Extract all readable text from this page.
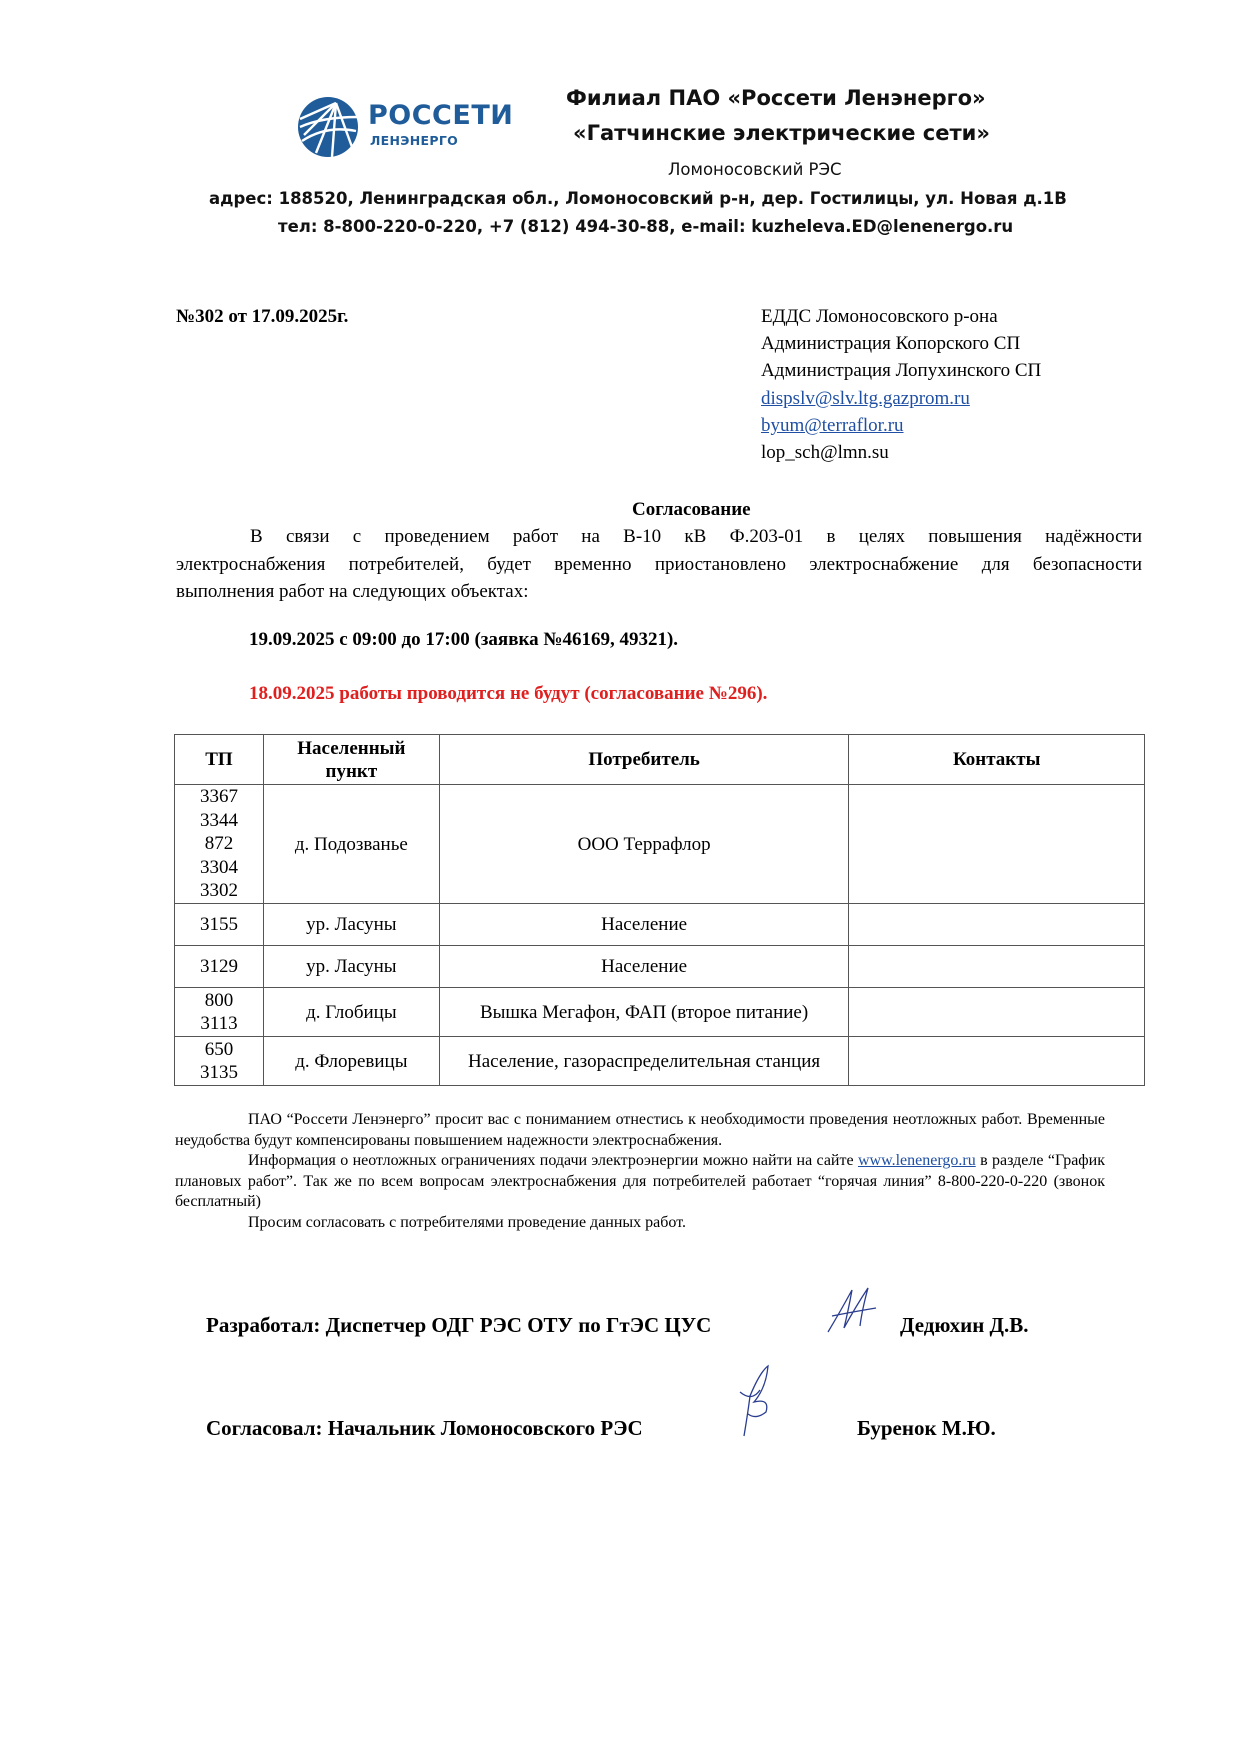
РОССЕТИ
ЛЕНЭНЕРГО
Филиал ПАО «Россети Ленэнерго»
«Гатчинские электрические сети»
Ломоносовский РЭС
адрес: 188520, Ленинградская обл., Ломоносовский р-н, дер. Гостилицы, ул. Новая д.1В
тел: 8-800-220-0-220, +7 (812) 494-30-88, e-mail: kuzheleva.ED@lenenergo.ru
№302 от 17.09.2025г.	ЕДДС Ломоносовского р-она
Администрация Копорского СП
Администрация Лопухинского СП
dispslv@slv.ltg.gazprom.ru
byum@terraflor.ru
lop_sch@lmn.su
Согласование
В связи с проведением работ на В-10 кВ Ф.203-01 в целях повышения надёжности
электроснабжения потребителей, будет временно приостановлено электроснабжение для безопасности
выполнения работ на следующих объектах:
19.09.2025 с 09:00 до 17:00 (заявка №46169, 49321).
18.09.2025 работы проводится не будут (согласование №296).
ТП	Населенный
пункт	Потребитель	Контакты

3367
3344
872
3304
3302	д. Подозванье	ООО Террафлор	

3155	ур. Ласуны	Население	

3129	ур. Ласуны	Население	

800
3113	д. Глобицы	Вышка Мегафон, ФАП (второе питание)	

650
3135	д. Флоревицы	Население, газораспределительная станция	

ПАО “Россети Ленэнерго” просит вас с пониманием отнестись к необходимости проведения неотложных работ. Временные неудобства будут компенсированы повышением надежности электроснабжения.

Информация о неотложных ограничениях подачи электроэнергии можно найти на сайте www.lenenergo.ru в разделе “График плановых работ”. Так же по всем вопросам электроснабжения для потребителей работает “горячая линия” 8-800-220-0-220 (звонок бесплатный)

Просим согласовать с потребителями проведение данных работ.

Разработал: Диспетчер ОДГ РЭС ОТУ по ГтЭС ЦУС	Дедюхин Д.В.
Согласовал: Начальник Ломоносовского РЭС	Буренок М.Ю.
